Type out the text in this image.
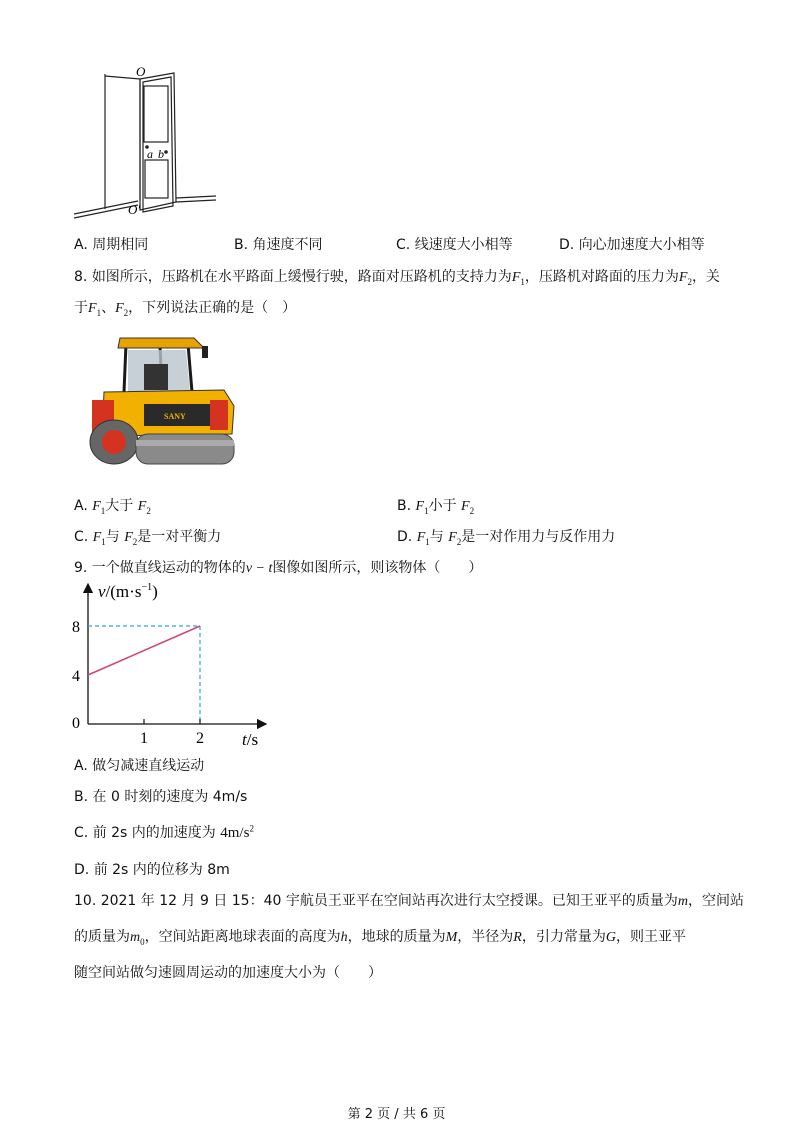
O
a b
O′
A. 周期相同	B. 角速度不同	C. 线速度大小相等	D. 向心加速度大小相等
8. 如图所示，压路机在水平路面上缓慢行驶，路面对压路机的支持力为$F_1$，压路机对路面的压力为$F_2$，关
于$F_1$、$F_2$，下列说法正确的是（　）
SANY
A. $F_1$大于 $F_2$	B. $F_1$小于 $F_2$
C. $F_1$与 $F_2$是一对平衡力	D. $F_1$与 $F_2$是一对作用力与反作用力
9. 一个做直线运动的物体的v − t图像如图所示，则该物体（　　）
$v/(m\cdot s^{-1})$
t/s
1	2
0
4
8
A. 做匀减速直线运动
B. 在 0 时刻的速度为 4m/s
C. 前 2s 内的加速度为 $4m/s^2$
D. 前 2s 内的位移为 8m
10. 2021 年 12 月 9 日 15：40 宇航员王亚平在空间站再次进行太空授课。已知王亚平的质量为m，空间站
的质量为$m_0$，空间站距离地球表面的高度为h，地球的质量为M，半径为R，引力常量为G，则王亚平
随空间站做匀速圆周运动的加速度大小为（　　）
第 2 页 / 共 6 页
